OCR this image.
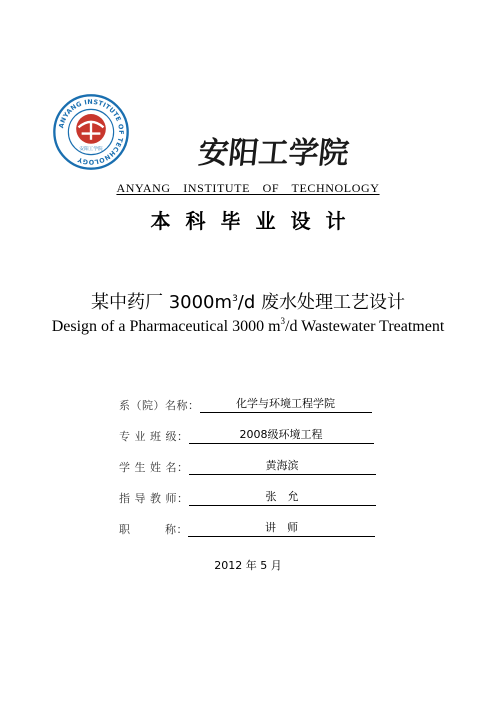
ANYANG INSTITUTE OF TECHNOLOGY
安阳工学院	安阳工学院
ANYANG INSTITUTE OF TECHNOLOGY
本科毕业设计
某中药厂 $3000m^3/d$ 废水处理工艺设计
Design of a Pharmaceutical 3000 $m^3/d$ Wastewater Treatment
系（院）名称：	化学与环境工程学院
专 业 班 级：	2008级环境工程
学 生 姓 名：	黄海滨
指 导 教 师：	张　允
职　　　称：	讲　师
2012 年 5 月
